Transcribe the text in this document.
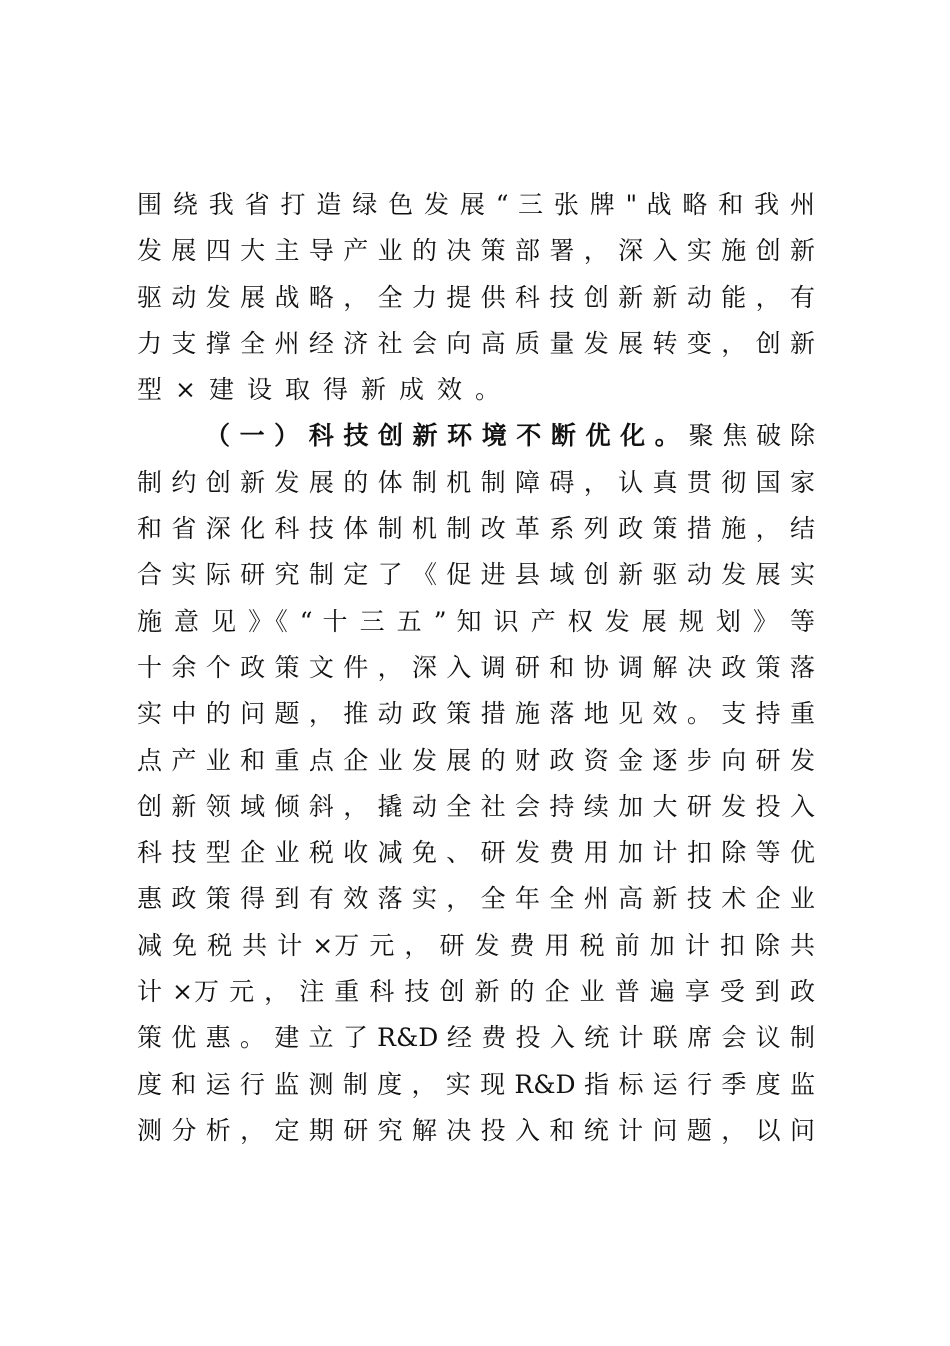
围 绕 我 省 打 造 绿 色 发 展 “ 三 张 牌 " 战 略 和 我 州
发 展 四 大 主 导 产 业 的 决 策 部 署 ， 深 入 实 施 创 新
驱 动 发 展 战 略 ， 全 力 提 供 科 技 创 新 新 动 能 ， 有
力 支 撑 全 州 经 济 社 会 向 高 质 量 发 展 转 变 ， 创 新
型×建设取得新成效。
（ 一 ） 科 技 创 新 环 境 不 断 优 化 。 聚 焦 破 除
制 约 创 新 发 展 的 体 制 机 制 障 碍 ， 认 真 贯 彻 国 家
和 省 深 化 科 技 体 制 机 制 改 革 系 列 政 策 措 施 ， 结
合 实 际 研 究 制 定 了 《 促 进 县 域 创 新 驱 动 发 展 实
施 意 见 》《 “ 十 三 五 ” 知 识 产 权 发 展 规 划 》 等
十 余 个 政 策 文 件 ， 深 入 调 研 和 协 调 解 决 政 策 落
实 中 的 问 题 ， 推 动 政 策 措 施 落 地 见 效 。 支 持 重
点 产 业 和 重 点 企 业 发 展 的 财 政 资 金 逐 步 向 研 发
创 新 领 域 倾 斜 ， 撬 动 全 社 会 持 续 加 大 研 发 投 入
科 技 型 企 业 税 收 减 免 、 研 发 费 用 加 计 扣 除 等 优
惠 政 策 得 到 有 效 落 实 ， 全 年 全 州 高 新 技 术 企 业
减 免 税 共 计 ×万 元 ， 研 发 费 用 税 前 加 计 扣 除 共
计 ×万 元 ， 注 重 科 技 创 新 的 企 业 普 遍 享 受 到 政
策 优 惠 。 建 立 了 R&D 经 费 投 入 统 计 联 席 会 议 制
度 和 运 行 监 测 制 度 ， 实 现 R&D 指 标 运 行 季 度 监
测 分 析 ， 定 期 研 究 解 决 投 入 和 统 计 问 题 ， 以 问
